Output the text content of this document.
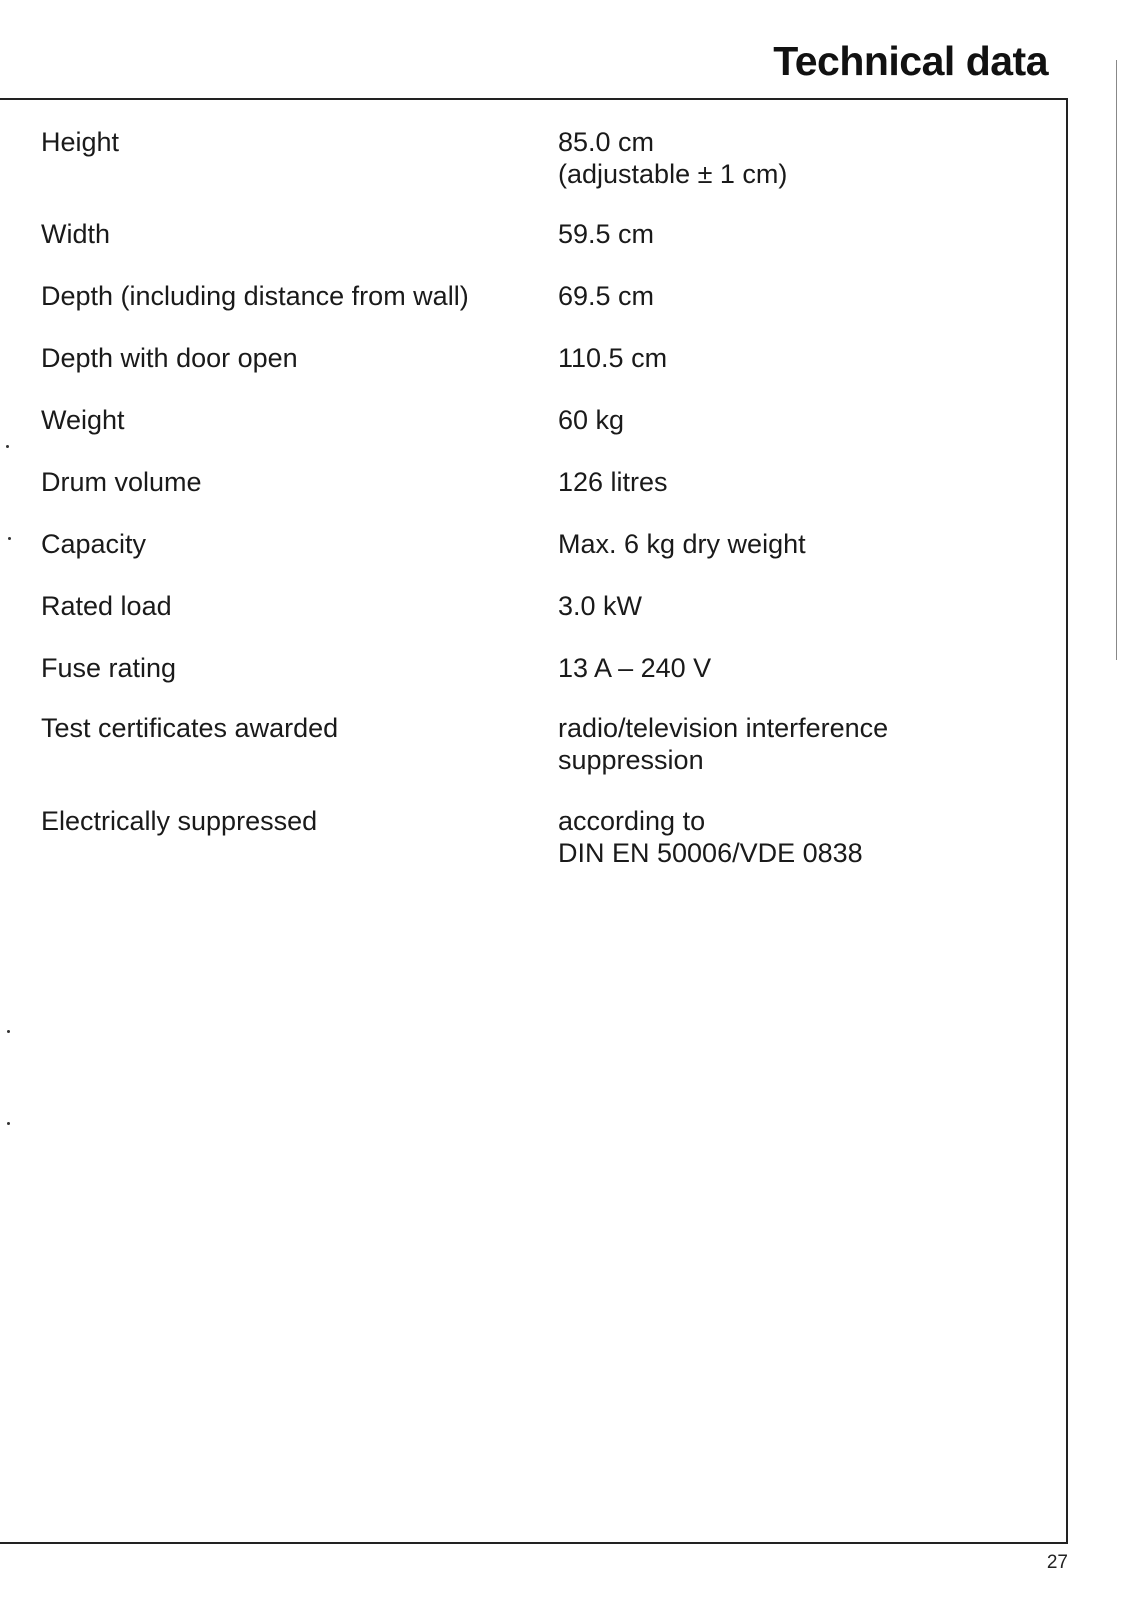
Technical data
Height	85.0 cm
(adjustable ± 1 cm)
Width	59.5 cm
Depth (including distance from wall)	69.5 cm
Depth with door open	110.5 cm
Weight	60 kg
Drum volume	126 litres
Capacity	Max. 6 kg dry weight
Rated load	3.0 kW
Fuse rating	13 A – 240 V
Test certificates awarded	radio/television interference
suppression
Electrically suppressed	according to
DIN EN 50006/VDE 0838
27
